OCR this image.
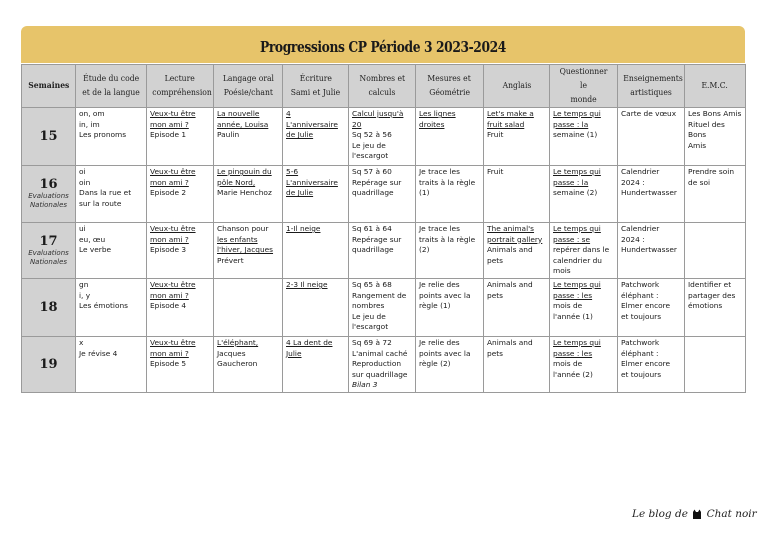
Progressions CP Période 3 2023-2024
Semaines	Étude du code
et de la langue	Lecture
compréhension	Langage oral
Poésie/chant	Écriture
Sami et Julie	Nombres et
calculs	Mesures et
Géométrie	Anglais	Questionner le
monde	Enseignements
artistiques	E.M.C.

15	on, om
in, im
Les pronoms	Veux-tu être
mon ami ?
Episode 1	La nouvelle
année, Louisa
Paulin	4
L'anniversaire
de Julie	Calcul jusqu'à
20
Sq 52 à 56
Le jeu de
l'escargot	Les lignes
droites	Let's make a
fruit salad
Fruit	Le temps qui
passe : la
semaine (1)	Carte de vœux	Les Bons Amis
Rituel des Bons
Amis

16
Evaluations
Nationales	oi
oin
Dans la rue et
sur la route	Veux-tu être
mon ami ?
Episode 2	Le pingouin du
pôle Nord,
Marie Henchoz	5-6
L'anniversaire
de Julie	Sq 57 à 60
Repérage sur
quadrillage	Je trace les
traits à la règle
(1)	Fruit	Le temps qui
passe : la
semaine (2)	Calendrier
2024 :
Hundertwasser	Prendre soin
de soi

17
Evaluations
Nationales	ui
eu, œu
Le verbe	Veux-tu être
mon ami ?
Episode 3	Chanson pour
les enfants
l'hiver, Jacques
Prévert	1-Il neige	Sq 61 à 64
Repérage sur
quadrillage	Je trace les
traits à la règle
(2)	The animal's
portrait gallery
Animals and
pets	Le temps qui
passe : se
repérer dans le
calendrier du
mois	Calendrier
2024 :
Hundertwasser	

18	gn
i, y
Les émotions	Veux-tu être
mon ami ?
Episode 4		2-3 Il neige	Sq 65 à 68
Rangement de
nombres
Le jeu de
l'escargot	Je relie des
points avec la
règle (1)	Animals and
pets	Le temps qui
passe : les
mois de
l'année (1)	Patchwork
éléphant :
Elmer encore
et toujours	Identifier et
partager des
émotions

19	x
Je révise 4	Veux-tu être
mon ami ?
Episode 5	L'éléphant,
Jacques
Gaucheron	4 La dent de
Julie	Sq 69 à 72
L'animal caché
Reproduction
sur quadrillage
Bilan 3	Je relie des
points avec la
règle (2)	Animals and
pets	Le temps qui
passe : les
mois de
l'année (2)	Patchwork
éléphant :
Elmer encore
et toujours	

Le blog de Chat noir
